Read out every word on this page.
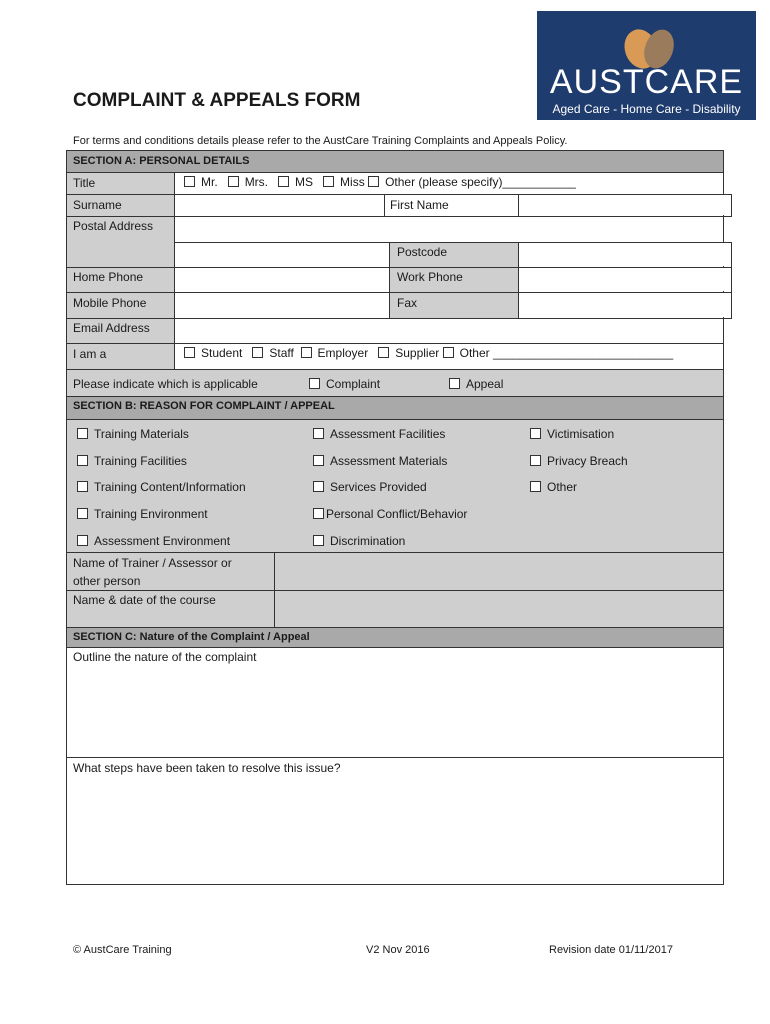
AUSTCARE
Aged Care - Home Care - Disability
COMPLAINT & APPEALS FORM
For terms and conditions details please refer to the AustCare Training Complaints and Appeals Policy.
SECTION A: PERSONAL DETAILS
Title	Mr. Mrs. MS Miss Other (please specify)___________
Surname	First Name
Postal Address
Postcode
Home Phone	Work Phone
Mobile Phone	Fax
Email Address
I am a	Student Staff Employer Supplier Other ___________________________
Please indicate which is applicable	Complaint	Appeal
SECTION B: REASON FOR COMPLAINT / APPEAL
Training Materials
Training Facilities
Training Content/Information
Training Environment
Assessment Environment
Assessment Facilities
Assessment Materials
Services Provided
Personal Conflict/Behavior
Discrimination
Victimisation
Privacy Breach
Other
Name of Trainer / Assessor or
other person
Name & date of the course
SECTION C: Nature of the Complaint / Appeal
Outline the nature of the complaint
What steps have been taken to resolve this issue?
© AustCare Training	V2 Nov 2016	Revision date 01/11/2017
